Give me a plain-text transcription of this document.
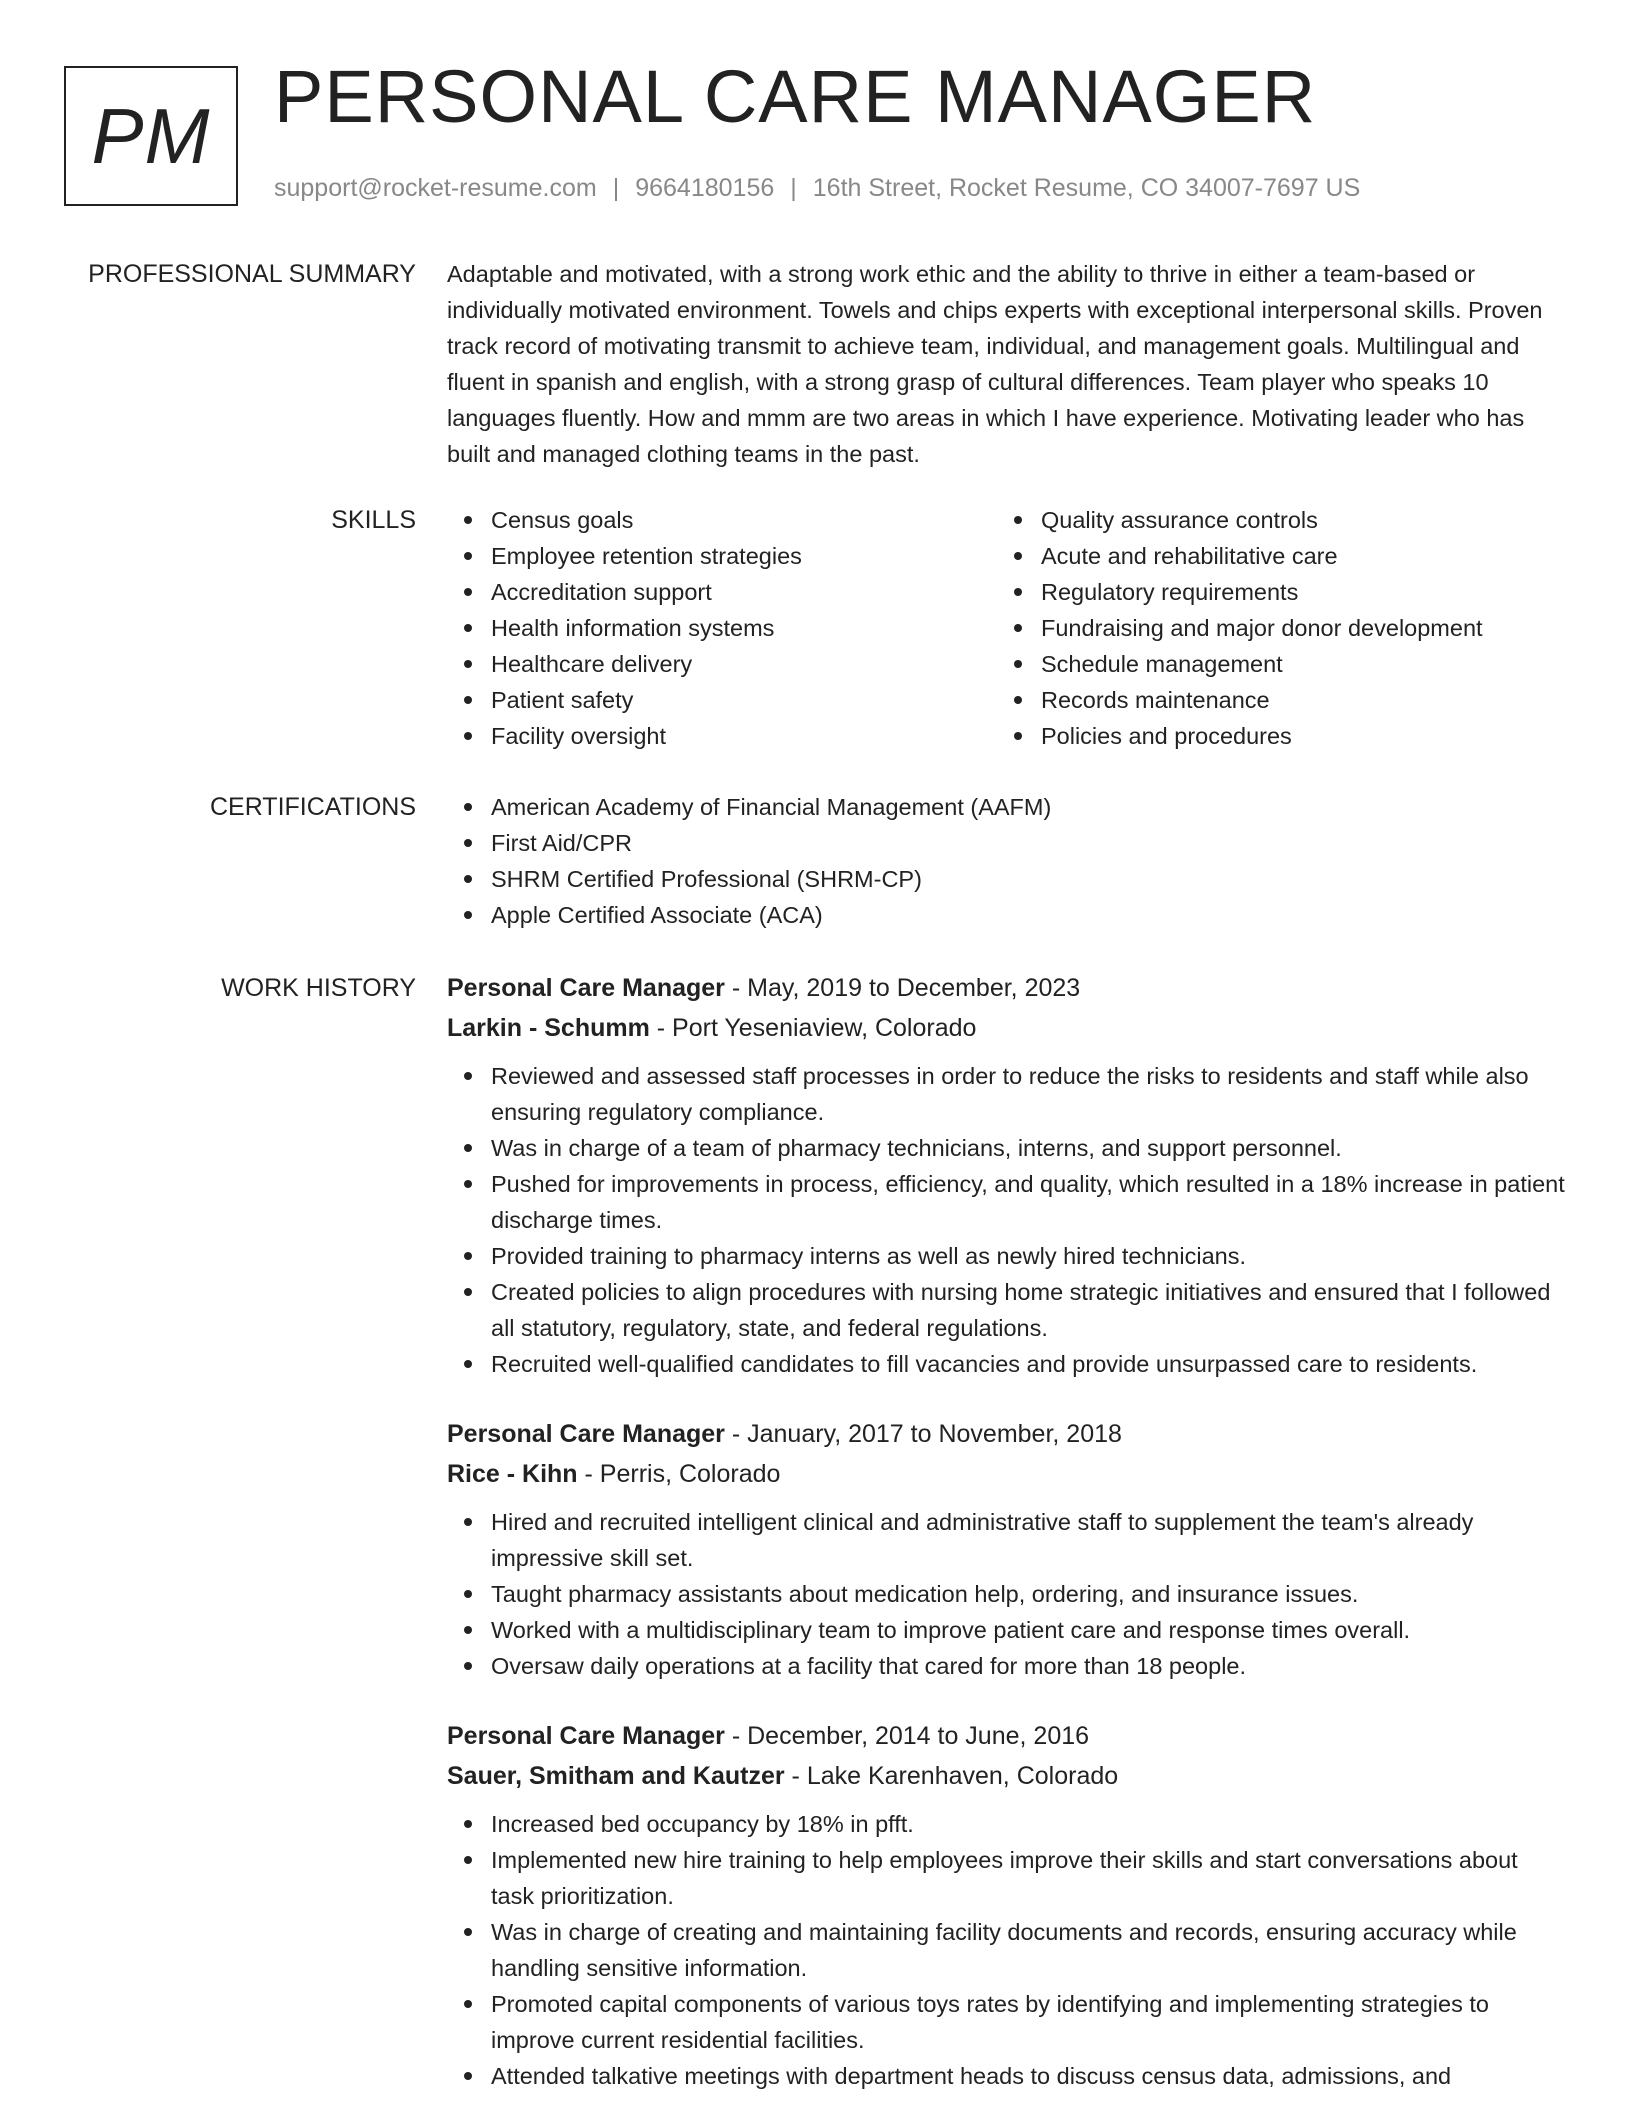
PM PERSONAL CARE MANAGER
support@rocket-resume.com | 9664180156 | 16th Street, Rocket Resume, CO 34007-7697 US
PROFESSIONAL SUMMARY Adaptable and motivated, with a strong work ethic and the ability to thrive in either a team-based or individually motivated environment. Towels and chips experts with exceptional interpersonal skills. Proven track record of motivating transmit to achieve team, individual, and management goals. Multilingual and fluent in spanish and english, with a strong grasp of cultural differences. Team player who speaks 10 languages fluently. How and mmm are two areas in which I have experience. Motivating leader who has built and managed clothing teams in the past.

SKILLS	Census goals
Employee retention strategies
Accreditation support
Health information systems
Healthcare delivery
Patient safety
Facility oversight
Quality assurance controls
Acute and rehabilitative care
Regulatory requirements
Fundraising and major donor development
Schedule management
Records maintenance
Policies and procedures
CERTIFICATIONS	American Academy of Financial Management (AAFM)
First Aid/CPR
SHRM Certified Professional (SHRM-CP)
Apple Certified Associate (ACA)
WORK HISTORY Personal Care Manager - May, 2019 to December, 2023
Larkin - Schumm - Port Yeseniaview, Colorado
Reviewed and assessed staff processes in order to reduce the risks to residents and staff while also ensuring regulatory compliance.
Was in charge of a team of pharmacy technicians, interns, and support personnel.
Pushed for improvements in process, efficiency, and quality, which resulted in a 18% increase in patient discharge times.
Provided training to pharmacy interns as well as newly hired technicians.
Created policies to align procedures with nursing home strategic initiatives and ensured that I followed all statutory, regulatory, state, and federal regulations.
Recruited well-qualified candidates to fill vacancies and provide unsurpassed care to residents.
Personal Care Manager - January, 2017 to November, 2018
Rice - Kihn - Perris, Colorado
Hired and recruited intelligent clinical and administrative staff to supplement the team's already impressive skill set.
Taught pharmacy assistants about medication help, ordering, and insurance issues.
Worked with a multidisciplinary team to improve patient care and response times overall.
Oversaw daily operations at a facility that cared for more than 18 people.
Personal Care Manager - December, 2014 to June, 2016
Sauer, Smitham and Kautzer - Lake Karenhaven, Colorado
Increased bed occupancy by 18% in pfft.
Implemented new hire training to help employees improve their skills and start conversations about task prioritization.
Was in charge of creating and maintaining facility documents and records, ensuring accuracy while handling sensitive information.
Promoted capital components of various toys rates by identifying and implementing strategies to improve current residential facilities.
Attended talkative meetings with department heads to discuss census data, admissions, and
